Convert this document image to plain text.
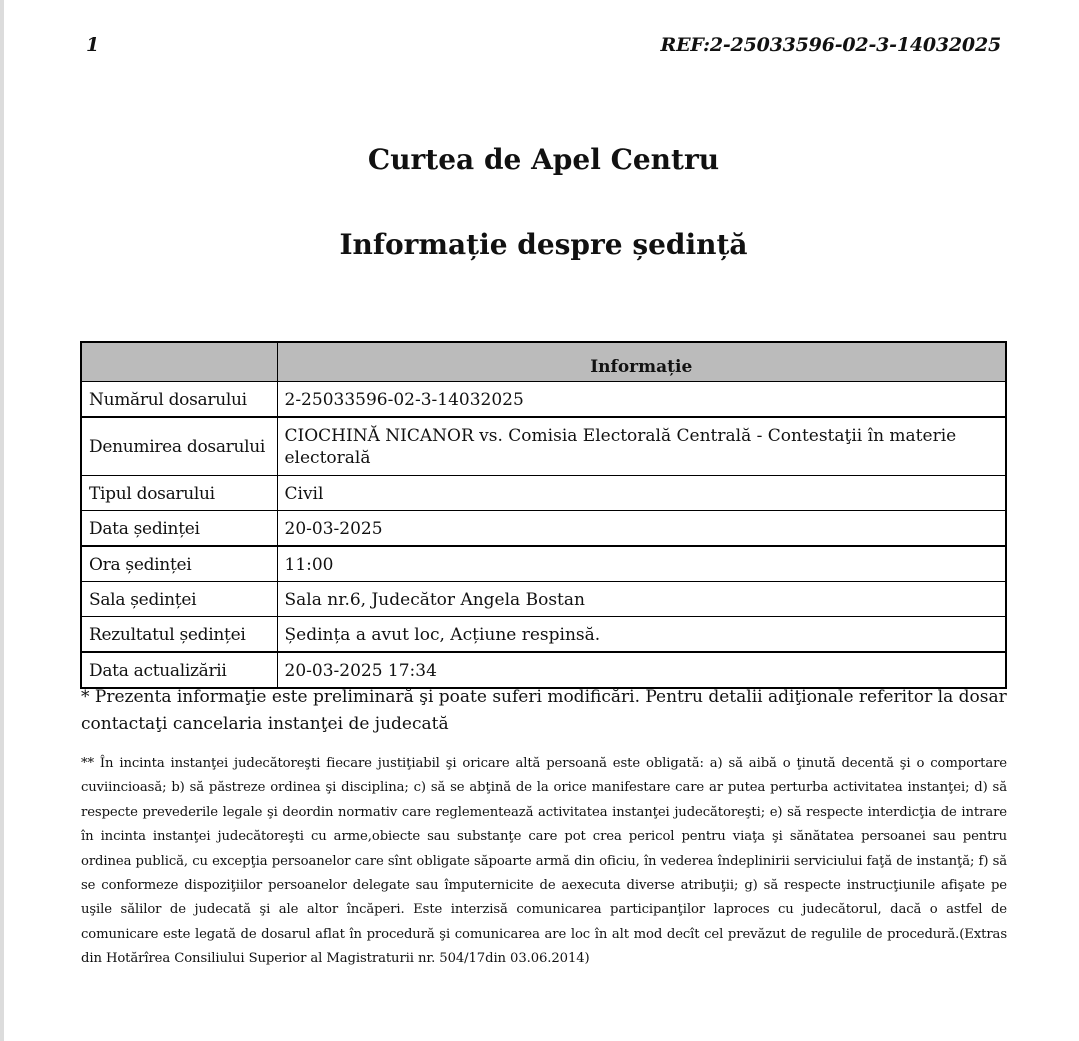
1	REF:2-25033596-02-3-14032025
Curtea de Apel Centru
Informație despre ședință
	Informație
Numărul dosarului	2-25033596-02-3-14032025
Denumirea dosarului	CIOCHINĂ NICANOR vs. Comisia Electorală Centrală - Contestaţii în materie electorală
Tipul dosarului	Civil
Data ședinței	20-03-2025
Ora ședinței	11:00
Sala ședinței	Sala nr.6, Judecător Angela Bostan
Rezultatul ședinței	Ședința a avut loc, Acțiune respinsă.
Data actualizării	20-03-2025 17:34
* Prezenta informaţie este preliminară şi poate suferi modificări. Pentru detalii adiţionale referitor la dosar contactaţi cancelaria instanţei de judecată
** În incinta instanţei judecătoreşti fiecare justiţiabil şi oricare altă persoană este obligată: a) să aibă o ţinută decentă şi o comportare cuviincioasă; b) să păstreze ordinea şi disciplina; c) să se abţină de la orice manifestare care ar putea perturba activitatea instanţei; d) să respecte prevederile legale şi deordin normativ care reglementează activitatea instanţei judecătoreşti; e) să respecte interdicţia de intrare în incinta instanţei judecătoreşti cu arme,obiecte sau substanţe care pot crea pericol pentru viaţa şi sănătatea persoanei sau pentru ordinea publică, cu excepţia persoanelor care sînt obligate săpoarte armă din oficiu, în vederea îndeplinirii serviciului faţă de instanţă; f) să se conformeze dispoziţiilor persoanelor delegate sau împuternicite de aexecuta diverse atribuţii; g) să respecte instrucţiunile afişate pe uşile sălilor de judecată şi ale altor încăperi. Este interzisă comunicarea participanţilor laproces cu judecătorul, dacă o astfel de comunicare este legată de dosarul aflat în procedură şi comunicarea are loc în alt mod decît cel prevăzut de regulile de procedură.(Extras din Hotărîrea Consiliului Superior al Magistraturii nr. 504/17din 03.06.2014)
